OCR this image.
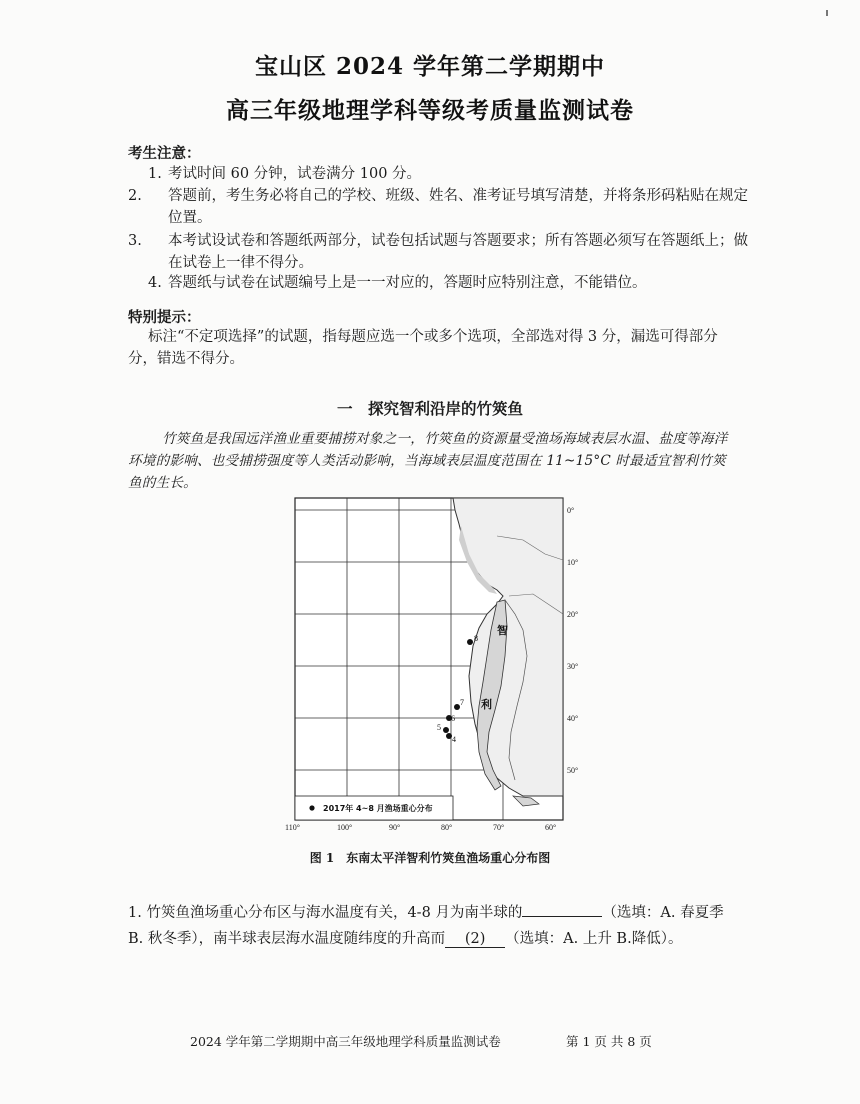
宝山区 2024 学年第二学期期中
高三年级地理学科等级考质量监测试卷
考生注意：
1. 考试时间 60 分钟，试卷满分 100 分。
2. 答题前，考生务必将自己的学校、班级、姓名、准考证号填写清楚，并将条形码粘贴在规定位置。
3. 本考试设试卷和答题纸两部分，试卷包括试题与答题要求；所有答题必须写在答题纸上；做在试卷上一律不得分。
4. 答题纸与试卷在试题编号上是一一对应的，答题时应特别注意，不能错位。
特别提示：
标注“不定项选择”的试题，指每题应选一个或多个选项，全部选对得 3 分，漏选可得部分分，错选不得分。
一　探究智利沿岸的竹筴鱼
竹筴鱼是我国远洋渔业重要捕捞对象之一，竹筴鱼的资源量受渔场海域表层水温、盐度等海洋环境的影响、也受捕捞强度等人类活动影响，当海域表层温度范围在 11~15°C 时最适宜智利竹筴鱼的生长。
8
7
6
5
4
智
利
0°
10°
20°
30°
40°
50°
110°	100°	90°	80°	70°	60°
2017年 4~8 月渔场重心分布
图 1　东南太平洋智利竹筴鱼渔场重心分布图
1. 竹筴鱼渔场重心分布区与海水温度有关，4-8 月为南半球的	（选填：A. 春夏季 B. 秋冬季），南半球表层海水温度随纬度的升高而 (2) （选填：A. 上升 B.降低）。
2024 学年第二学期期中高三年级地理学科质量监测试卷	第 1 页 共 8 页
